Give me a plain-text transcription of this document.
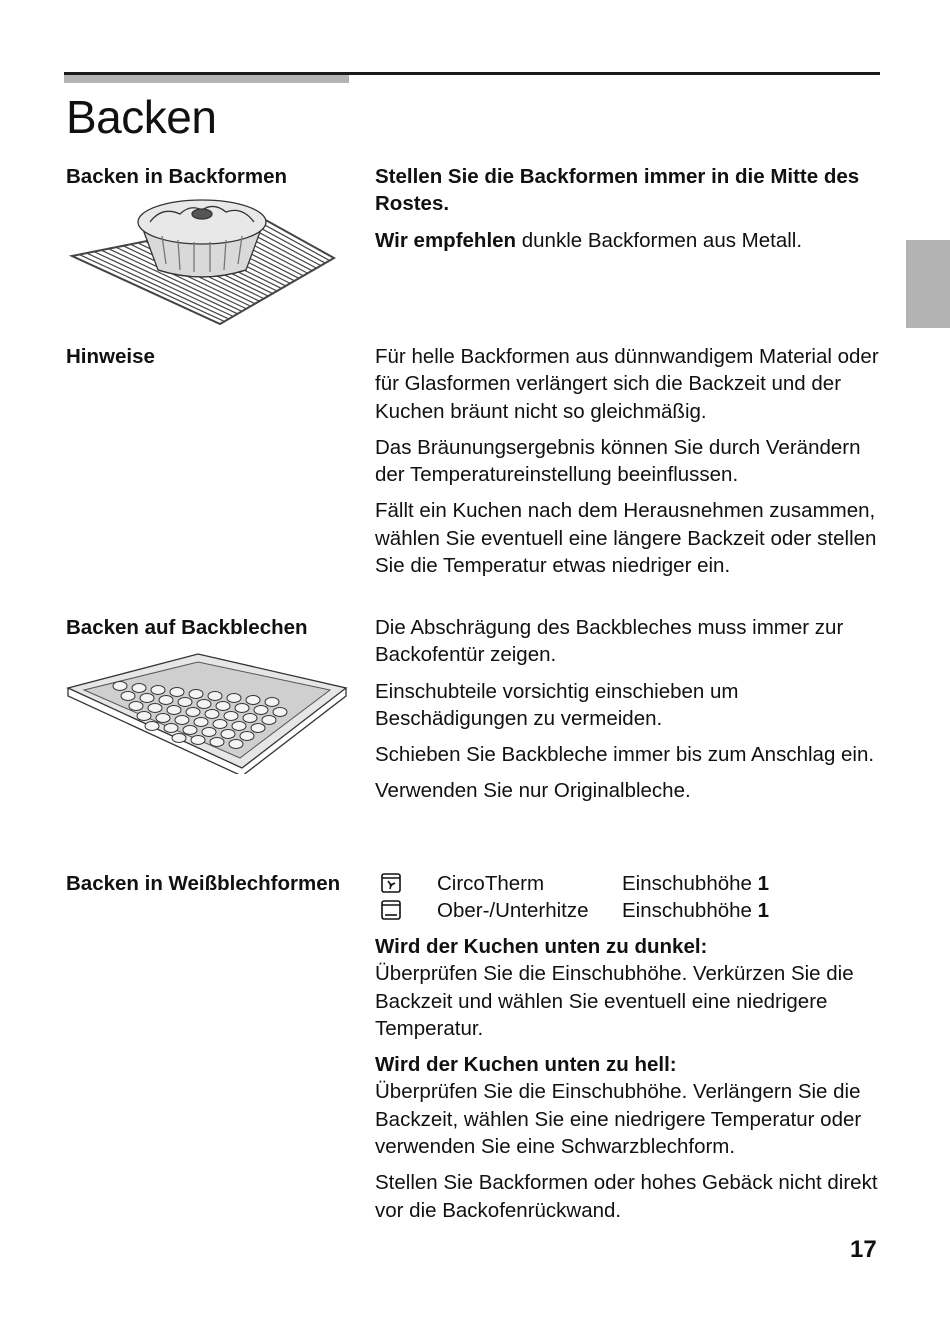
Backen
Backen in Backformen	Stellen Sie die Backformen immer in die Mitte des Rostes.

Wir empfehlen dunkle Backformen aus Metall.

Hinweise	Für helle Backformen aus dünnwandigem Material oder für Glasformen verlängert sich die Backzeit und der Kuchen bräunt nicht so gleichmäßig.

Das Bräunungsergebnis können Sie durch Verändern der Temperatureinstellung beeinflussen.

Fällt ein Kuchen nach dem Herausnehmen zusammen, wählen Sie eventuell eine längere Backzeit oder stellen Sie die Temperatur etwas niedriger ein.

Backen auf Backblechen	Die Abschrägung des Backbleches muss immer zur Backofentür zeigen.

Einschubteile vorsichtig einschieben um Beschädigungen zu vermeiden.

Schieben Sie Backbleche immer bis zum Anschlag ein.

Verwenden Sie nur Originalbleche.

Backen in Weißblechformen	CircoTherm	Einschubhöhe 1
Ober-/Unterhitze Einschubhöhe 1

Wird der Kuchen unten zu dunkel:

Überprüfen Sie die Einschubhöhe. Verkürzen Sie die Backzeit und wählen Sie eventuell eine niedrigere Temperatur.

Wird der Kuchen unten zu hell:

Überprüfen Sie die Einschubhöhe. Verlängern Sie die Backzeit, wählen Sie eine niedrigere Temperatur oder verwenden Sie eine Schwarzblechform.

Stellen Sie Backformen oder hohes Gebäck nicht direkt vor die Backofenrückwand.

17
